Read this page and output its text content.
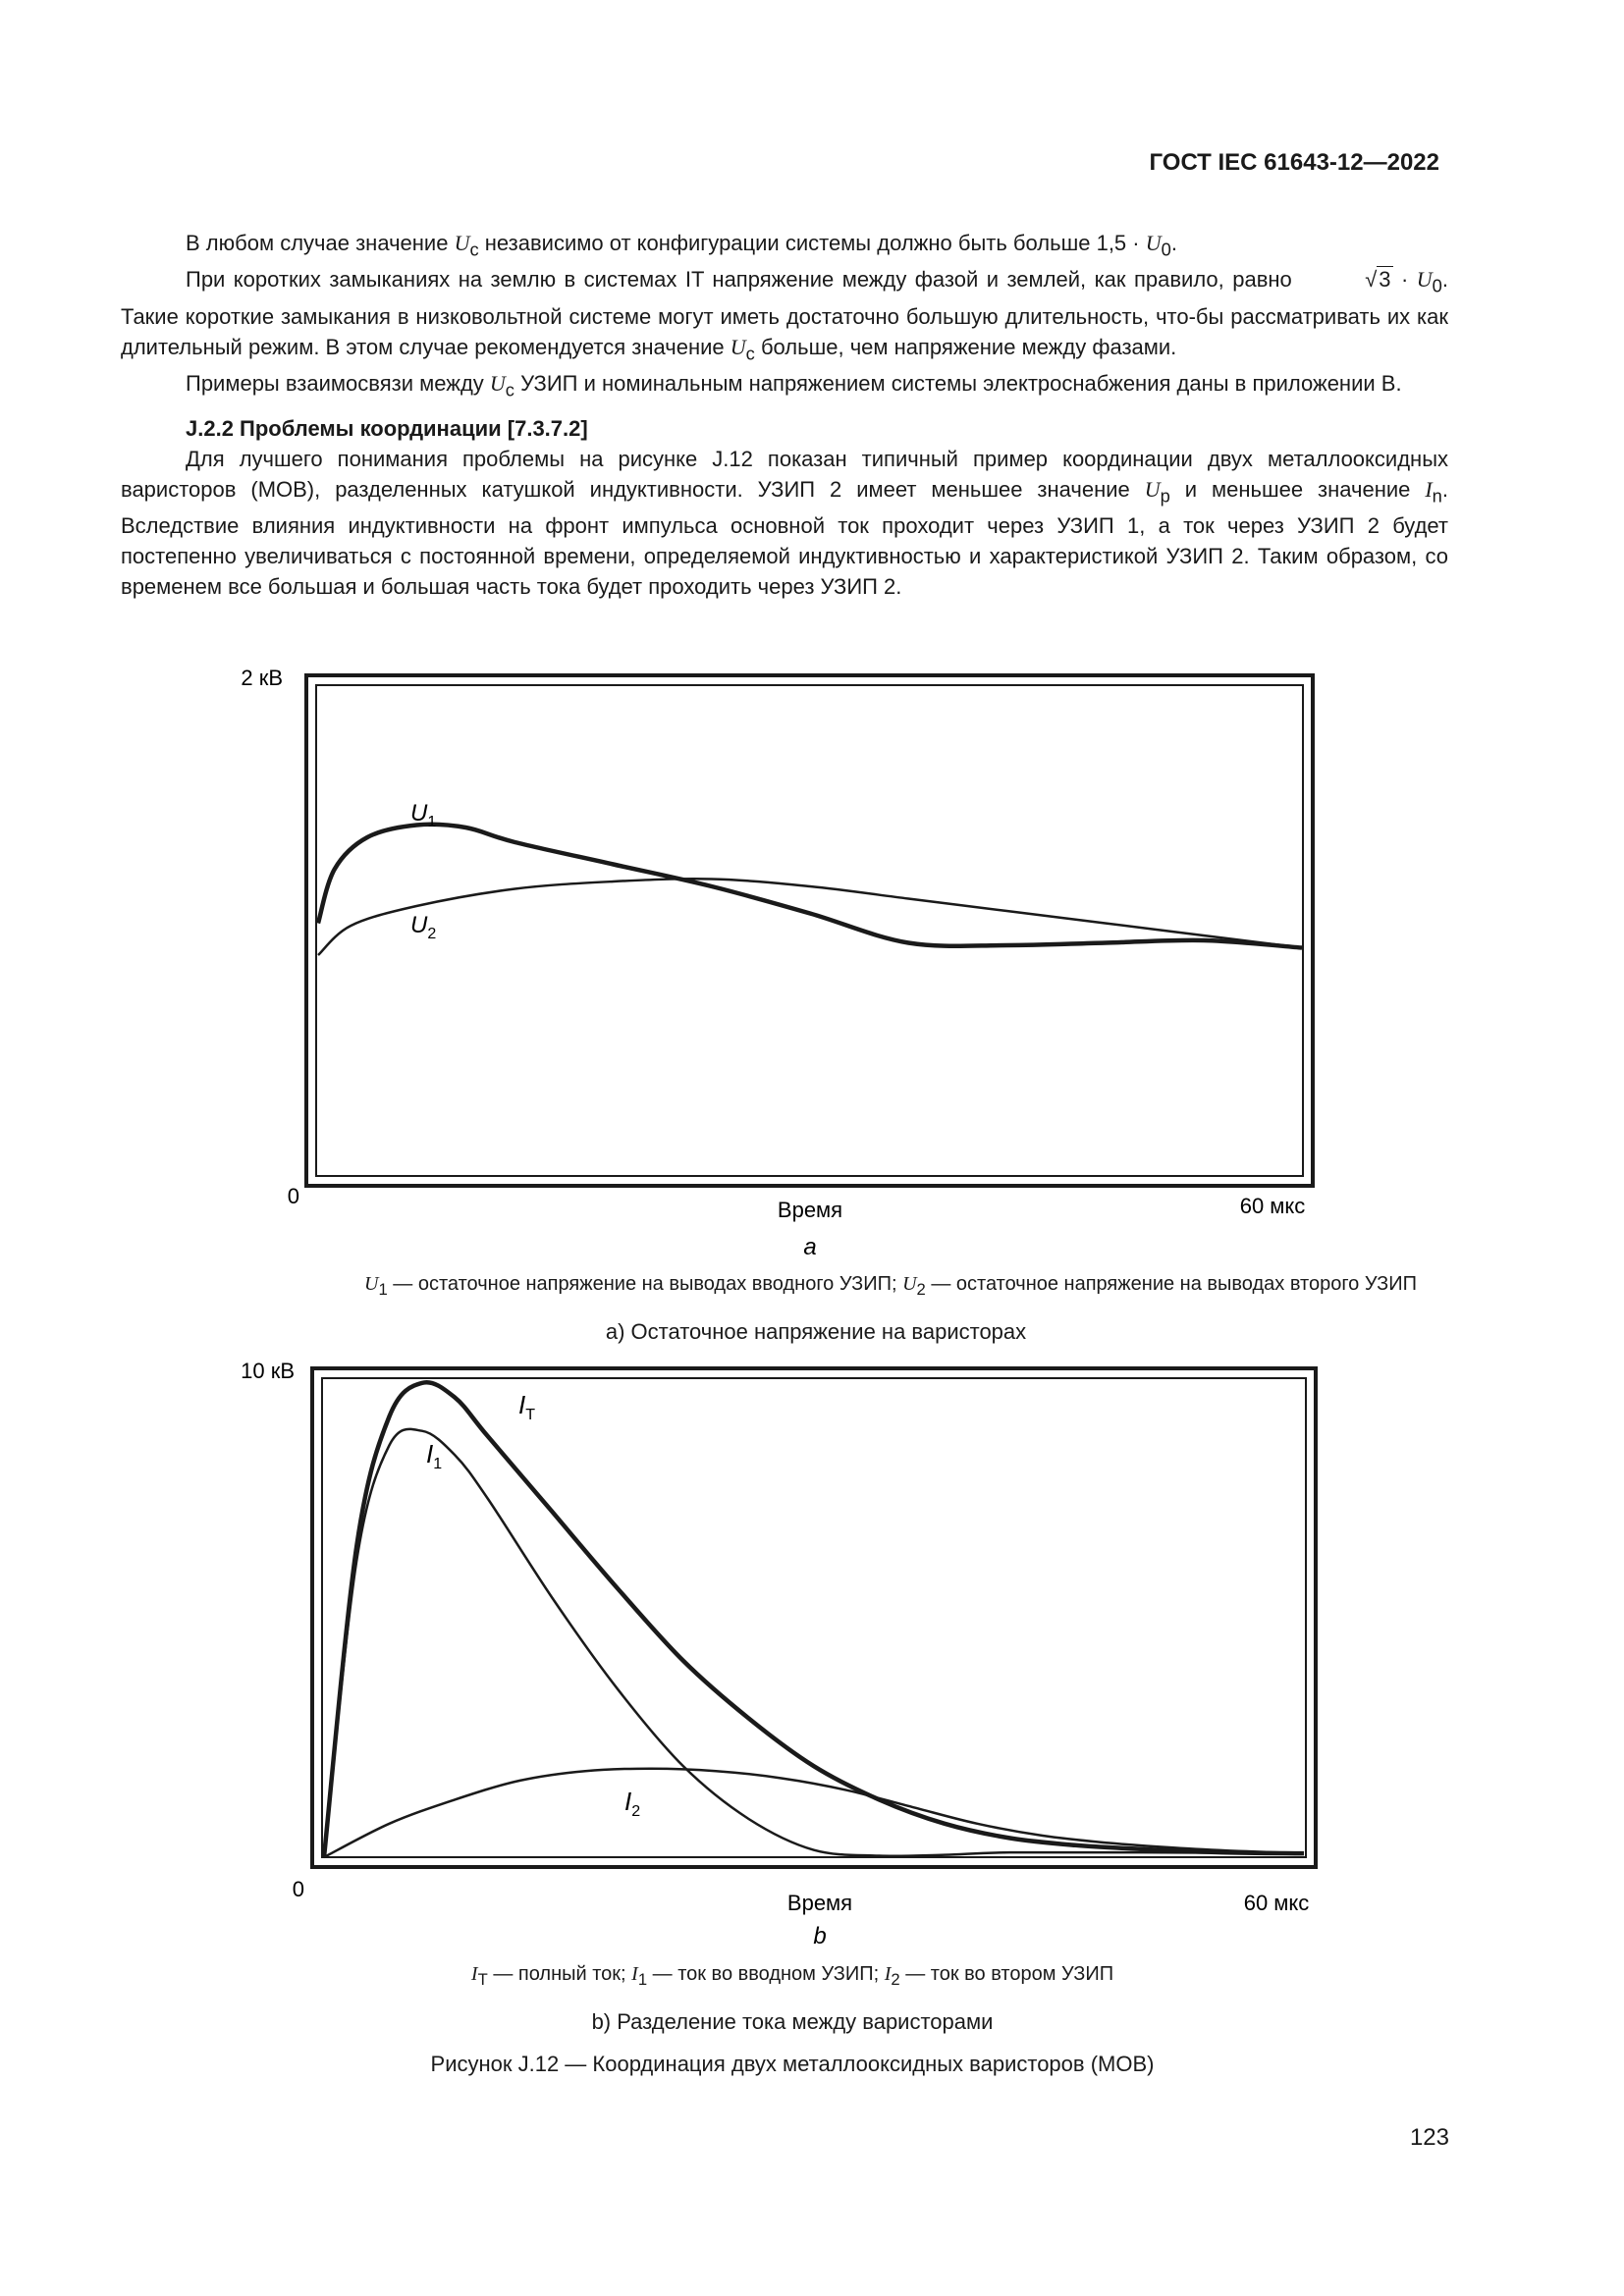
ГОСТ IEC 61643-12—2022

В любом случае значение $U_c$ независимо от конфигурации системы должно быть больше $1,5 \cdot U_0$.

При коротких замыканиях на землю в системах IT напряжение между фазой и землей, как правило, равно	$√3 \cdot U_0$. Такие короткие замыкания в низковольтной системе могут иметь достаточно большую длительность, что-бы рассматривать их как длительный режим. В этом случае рекомендуется значение $U_c$ больше, чем напряжение между фазами.

Примеры взаимосвязи между $U_c$ УЗИП и номинальным напряжением системы электроснабжения даны в приложении B.

J.2.2 Проблемы координации [7.3.7.2]

Для лучшего понимания проблемы на рисунке J.12 показан типичный пример координации двух металлооксидных варисторов (МОВ), разделенных катушкой индуктивности. УЗИП 2 имеет меньшее значение $U_p$ и меньшее значение $I_n$. Вследствие влияния индуктивности на фронт импульса основной ток проходит через УЗИП 1, а ток через УЗИП 2 будет постепенно увеличиваться с постоянной времени, определяемой индуктивностью и характеристикой УЗИП 2. Таким образом, со временем все большая и большая часть тока будет проходить через УЗИП 2.

2 кВ
0
Время	60 мкс
a
$U_1$
$U_2$
10 кВ
0
Время	60 мкс
b
$I_T$
$I_1$
$I_2$
$U_1$ — остаточное напряжение на выводах вводного УЗИП; $U_2$ — остаточное напряжение на выводах второго УЗИП
a) Остаточное напряжение на варисторах
$I_T$ — полный ток; $I_1$ — ток во вводном УЗИП; $I_2$ — ток во втором УЗИП
b) Разделение тока между варисторами
Рисунок J.12 — Координация двух металлооксидных варисторов (МОВ)
123
